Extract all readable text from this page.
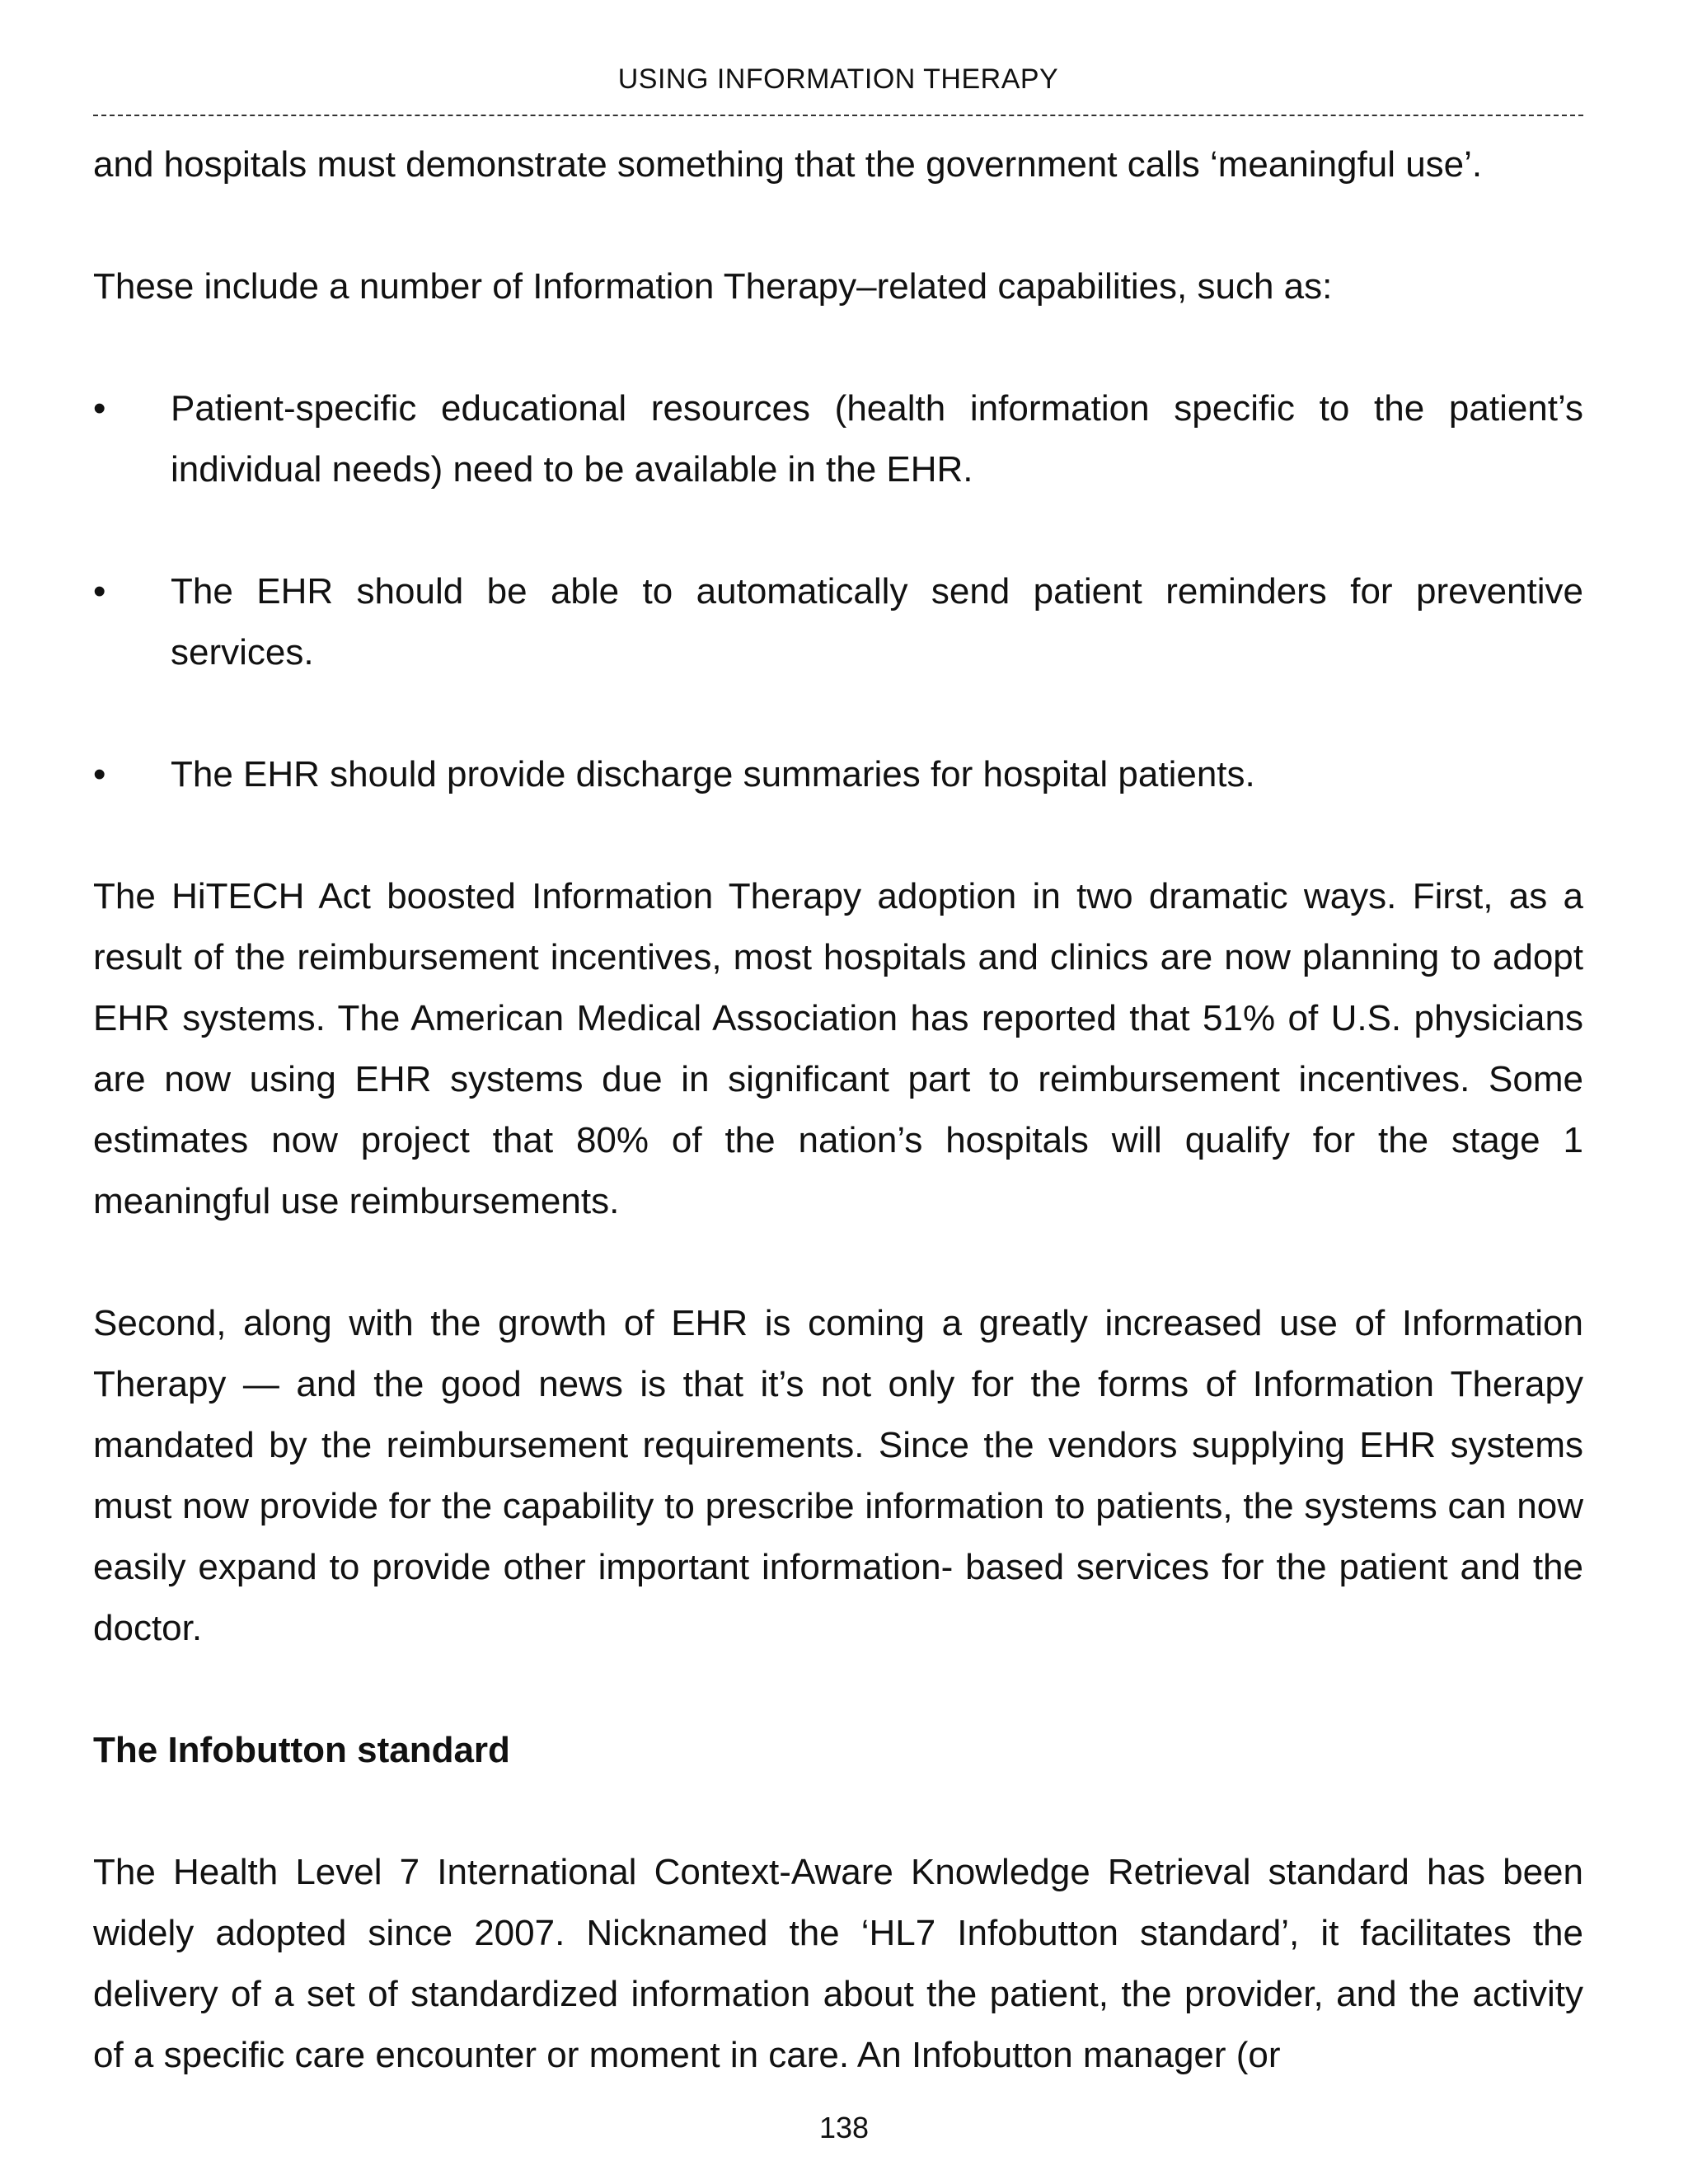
USING INFORMATION THERAPY

and hospitals must demonstrate something that the government calls ‘meaningful use’.

These include a number of Information Therapy–related capabilities, such as:

• Patient-specific educational resources (health information specific to the patient’s individual needs) need to be available in the EHR.
• The EHR should be able to automatically send patient reminders for preventive services.
• The EHR should provide discharge summaries for hospital patients.

The HiTECH Act boosted Information Therapy adoption in two dramatic ways. First, as a result of the reimbursement incentives, most hospitals and clinics are now planning to adopt EHR systems. The American Medical Association has reported that 51% of U.S. physicians are now using EHR systems due in significant part to reimbursement incentives. Some estimates now project that 80% of the nation’s hospitals will qualify for the stage 1 meaningful use reimbursements.

Second, along with the growth of EHR is coming a greatly increased use of Information Therapy — and the good news is that it’s not only for the forms of Information Therapy mandated by the reimbursement requirements. Since the vendors supplying EHR systems must now provide for the capability to prescribe information to patients, the systems can now easily expand to provide other important information- based services for the patient and the doctor.

The Infobutton standard

The Health Level 7 International Context-Aware Knowledge Retrieval standard has been widely adopted since 2007. Nicknamed the ‘HL7 Infobutton standard’, it facilitates the delivery of a set of standardized information about the patient, the provider, and the activity of a specific care encounter or moment in care. An Infobutton manager (or

138
